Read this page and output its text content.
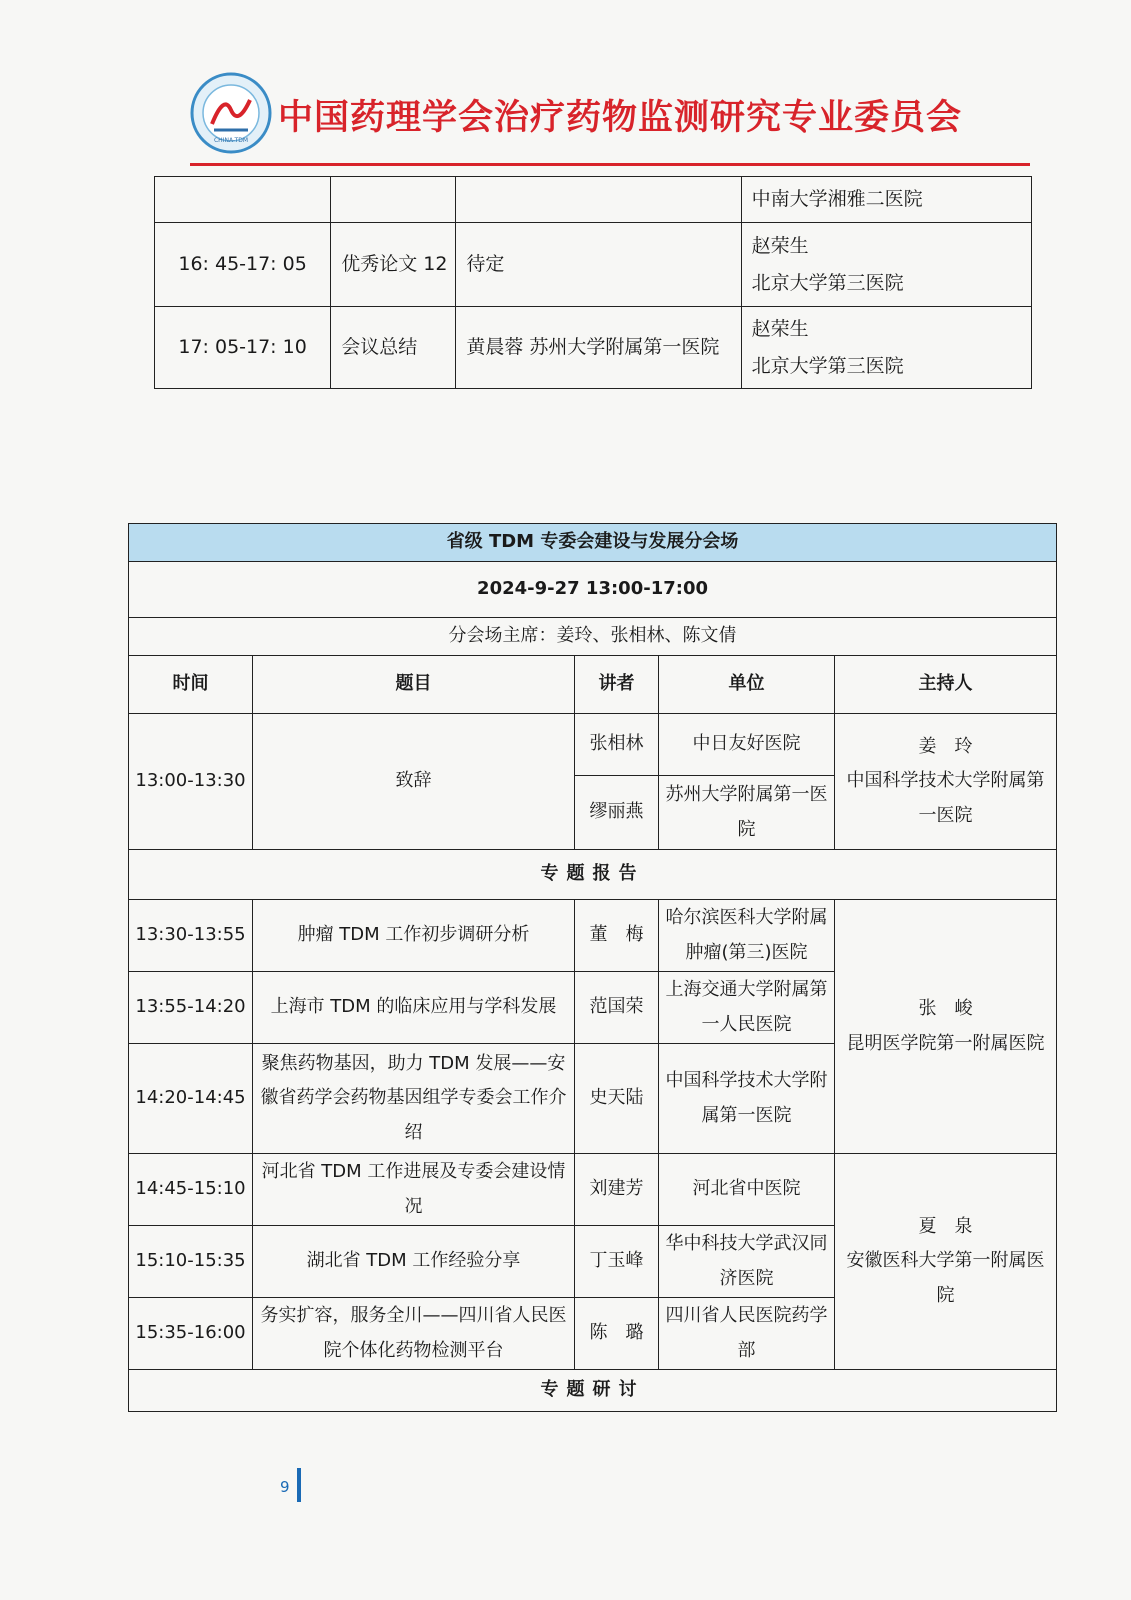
CHINA-TDM
中国药理学会治疗药物监测研究专业委员会
			中南大学湘雅二医院
16: 45-17: 05	优秀论文 12	待定	赵荣生
北京大学第三医院

17: 05-17: 10	会议总结	黄晨蓉 苏州大学附属第一医院	赵荣生
北京大学第三医院
省级 TDM 专委会建设与发展分会场				
2024-9-27 13:00-17:00				
分会场主席：姜玲、张相林、陈文倩				
时间	题目	讲者	单位	主持人
13:00-13:30	致辞	张相林	中日友好医院	姜　玲
中国科学技术大学附属第一医院

		缪丽燕	苏州大学附属第一医院	
专题报告				
13:30-13:55	肿瘤 TDM 工作初步调研分析	董　梅	哈尔滨医科大学附属肿瘤(第三)医院	张　峻
昆明医学院第一附属医院

13:55-14:20	上海市 TDM 的临床应用与学科发展	范国荣	上海交通大学附属第一人民医院	
14:20-14:45	聚焦药物基因，助力 TDM 发展——安徽省药学会药物基因组学专委会工作介绍	史天陆	中国科学技术大学附属第一医院	
14:45-15:10	河北省 TDM 工作进展及专委会建设情况	刘建芳	河北省中医院	夏　泉
安徽医科大学第一附属医院

15:10-15:35	湖北省 TDM 工作经验分享	丁玉峰	华中科技大学武汉同济医院	
15:35-16:00	务实扩容，服务全川——四川省人民医院个体化药物检测平台	陈　璐	四川省人民医院药学部	
专题研讨				
9
